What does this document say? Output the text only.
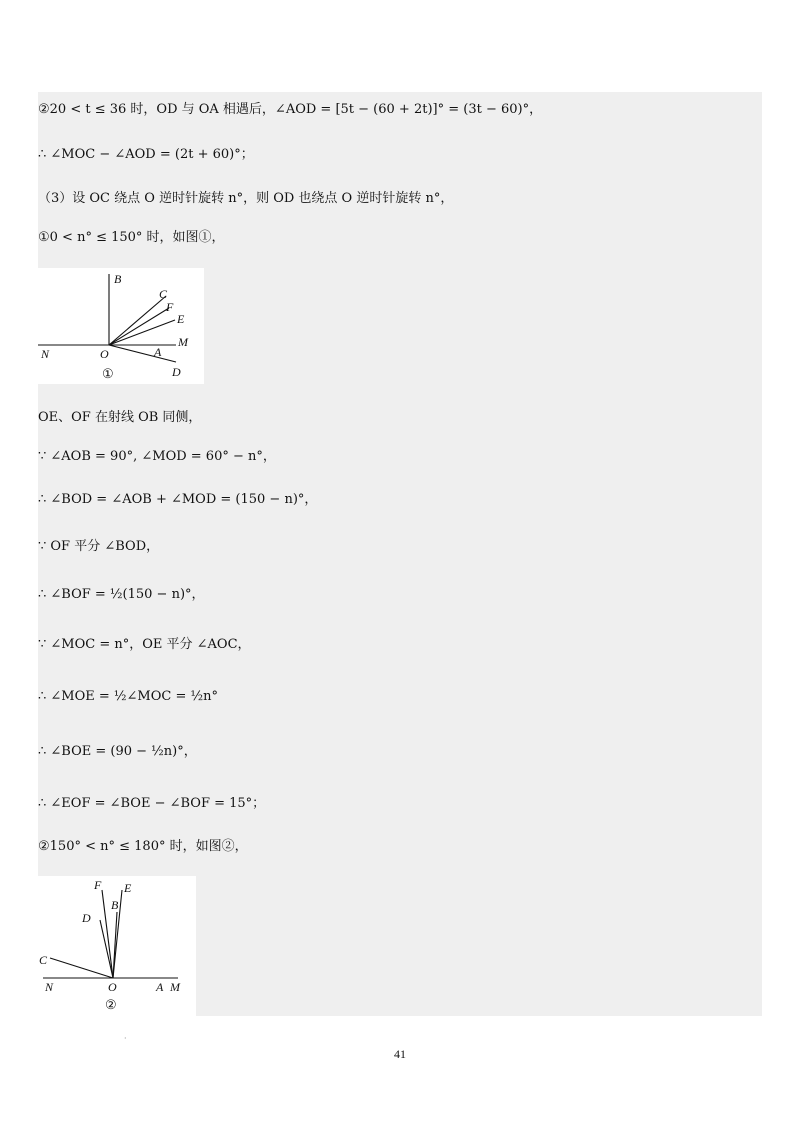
②20 < t ≤ 36 时，OD 与 OA 相遇后，∠AOD = [5t − (60 + 2t)]° = (3t − 60)°，
∴ ∠MOC − ∠AOD = (2t + 60)°；
（3）设 OC 绕点 O 逆时针旋转 n°，则 OD 也绕点 O 逆时针旋转 n°，
①0 < n° ≤ 150° 时，如图①，
B
C
F
E
M
N	O	A
D
①
OE、OF 在射线 OB 同侧，
∵ ∠AOB = 90°, ∠MOD = 60° − n°，
∴ ∠BOD = ∠AOB + ∠MOD = (150 − n)°，
∵ OF 平分 ∠BOD，
∴ ∠BOF = ½(150 − n)°，
∵ ∠MOC = n°，OE 平分 ∠AOC，
∴ ∠MOE = ½∠MOC = ½n°
∴ ∠BOE = (90 − ½n)°，
∴ ∠EOF = ∠BOE − ∠BOF = 15°；
②150° < n° ≤ 180° 时，如图②，
F E
B
D
C
N	O	A M
②
·
41
